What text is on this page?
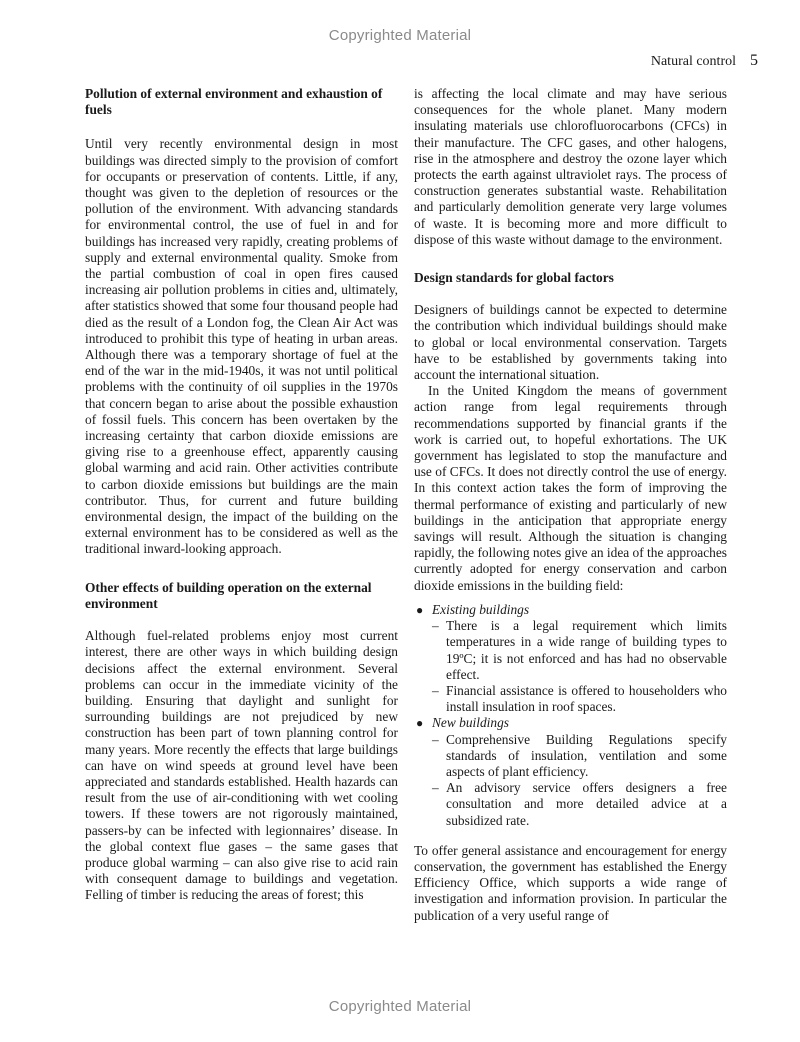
Copyrighted Material
Natural control 5
Pollution of external environment and exhaustion of fuels

Until very recently environmental design in most buildings was directed simply to the provision of comfort for occupants or preservation of contents. Little, if any, thought was given to the depletion of resources or the pollution of the environment. With advancing standards for environmental control, the use of fuel in and for buildings has increased very rapidly, creating problems of supply and external environmental quality. Smoke from the partial combustion of coal in open fires caused increasing air pollution problems in cities and, ultimately, after statistics showed that some four thousand people had died as the result of a London fog, the Clean Air Act was introduced to prohibit this type of heating in urban areas. Although there was a temporary shortage of fuel at the end of the war in the mid-1940s, it was not until political problems with the continuity of oil supplies in the 1970s that concern began to arise about the possible exhaustion of fossil fuels. This concern has been overtaken by the increasing certainty that carbon dioxide emissions are giving rise to a greenhouse effect, apparently causing global warming and acid rain. Other activities contribute to carbon dioxide emissions but buildings are the main contributor. Thus, for current and future building environmental design, the impact of the building on the external environment has to be considered as well as the traditional inward-looking approach.

Other effects of building operation on the external environment

Although fuel-related problems enjoy most current interest, there are other ways in which building design decisions affect the external environment. Several problems can occur in the immediate vicinity of the building. Ensuring that daylight and sunlight for surrounding buildings are not prejudiced by new construction has been part of town planning control for many years. More recently the effects that large buildings can have on wind speeds at ground level have been appreciated and standards established. Health hazards can result from the use of air-conditioning with wet cooling towers. If these towers are not rigorously maintained, passers-by can be infected with legionnaires’ disease. In the global context flue gases – the same gases that produce global warming – can also give rise to acid rain with consequent damage to buildings and vegetation. Felling of timber is reducing the areas of forest; this

is affecting the local climate and may have serious consequences for the whole planet. Many modern insulating materials use chlorofluorocarbons (CFCs) in their manufacture. The CFC gases, and other halogens, rise in the atmosphere and destroy the ozone layer which protects the earth against ultraviolet rays. The process of construction generates substantial waste. Rehabilitation and particularly demolition generate very large volumes of waste. It is becoming more and more difficult to dispose of this waste without damage to the environment.

Design standards for global factors

Designers of buildings cannot be expected to determine the contribution which individual buildings should make to global or local environmental conservation. Targets have to be established by governments taking into account the international situation.

In the United Kingdom the means of government action range from legal requirements through recommendations supported by financial grants if the work is carried out, to hopeful exhortations. The UK government has legislated to stop the manufacture and use of CFCs. It does not directly control the use of energy. In this context action takes the form of improving the thermal performance of existing and particularly of new buildings in the anticipation that appropriate energy savings will result. Although the situation is changing rapidly, the following notes give an idea of the approaches currently adopted for energy conservation and carbon dioxide emissions in the building field:

● Existing buildings
– There is a legal requirement which limits temperatures in a wide range of building types to 19ºC; it is not enforced and has had no observable effect.
– Financial assistance is offered to householders who install insulation in roof spaces.
● New buildings
– Comprehensive Building Regulations specify standards of insulation, ventilation and some aspects of plant efficiency.
– An advisory service offers designers a free consultation and more detailed advice at a subsidized rate.

To offer general assistance and encouragement for energy conservation, the government has established the Energy Efficiency Office, which supports a wide range of investigation and information provision. In particular the publication of a very useful range of

Copyrighted Material
